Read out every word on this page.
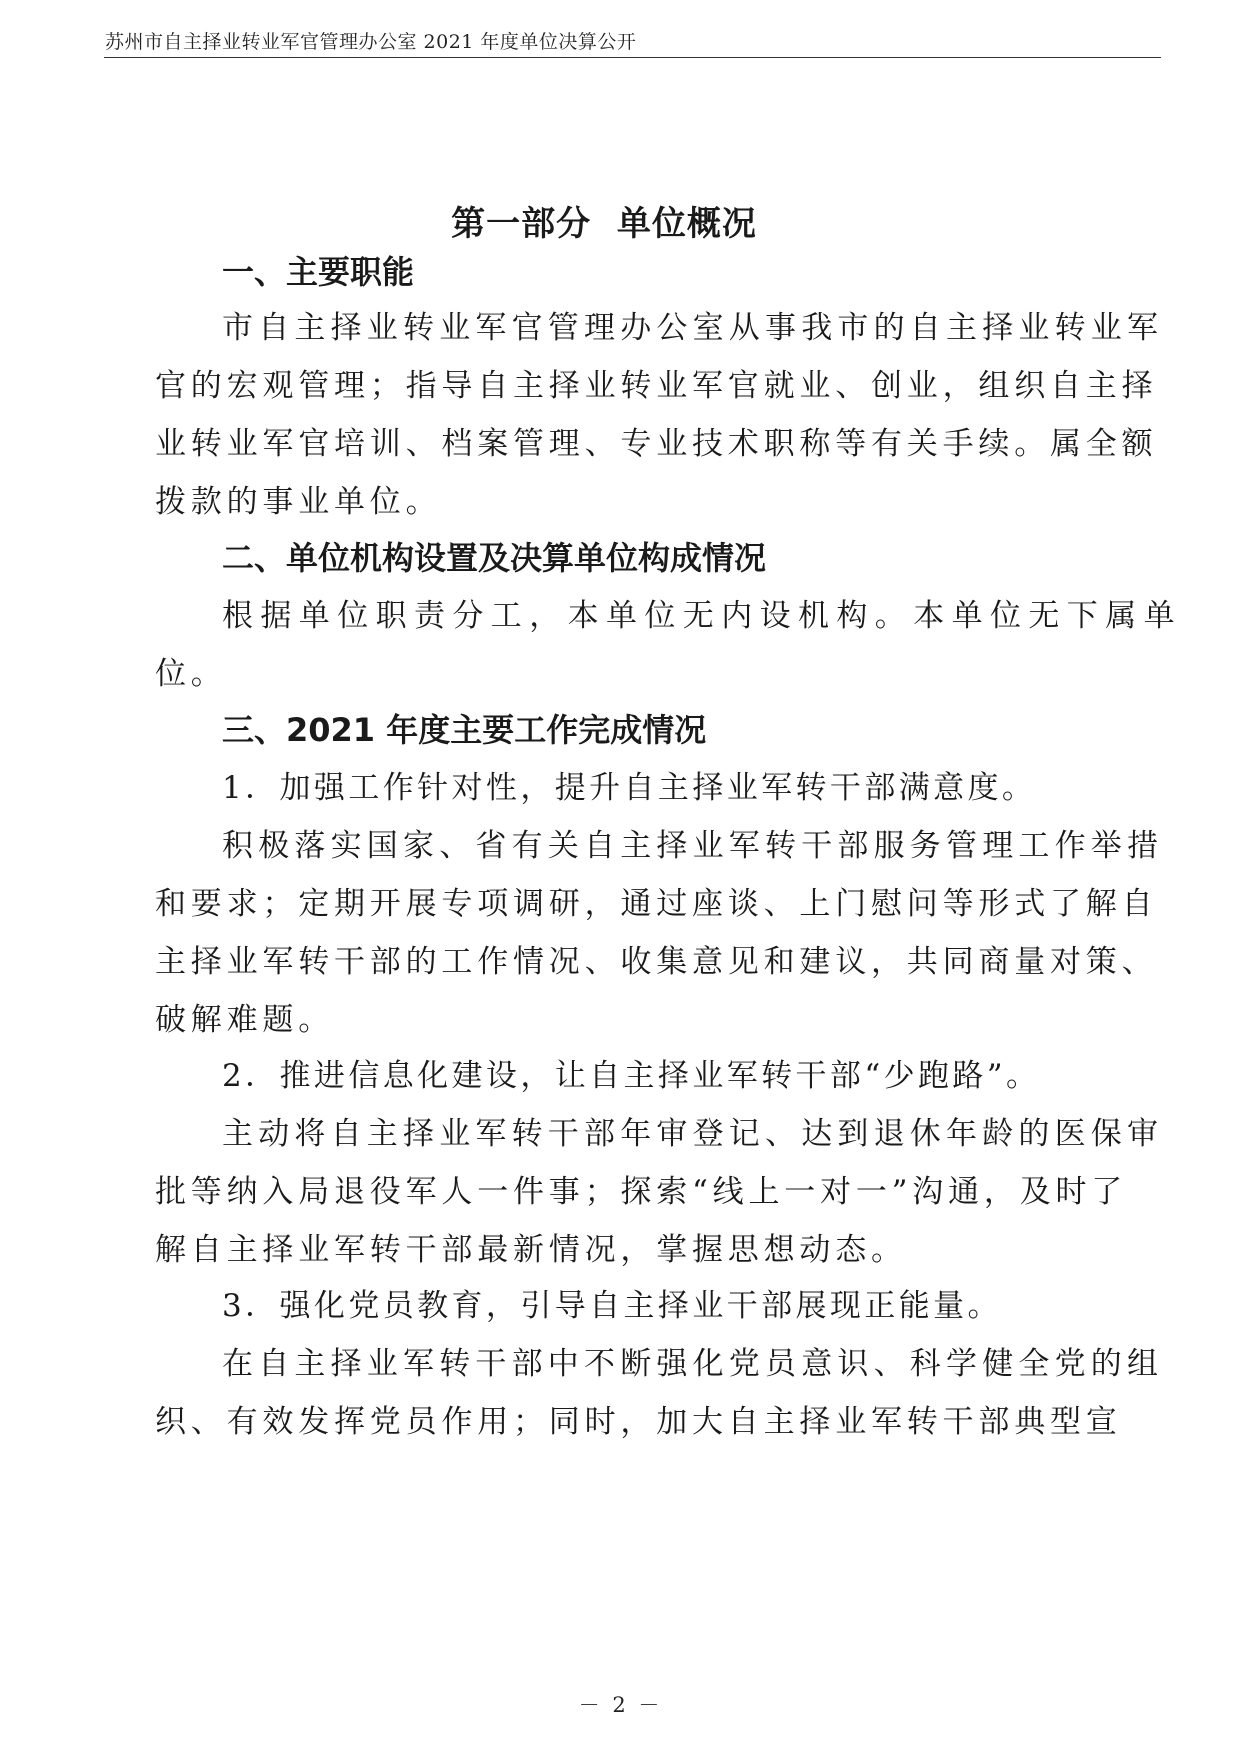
苏州市自主择业转业军官管理办公室 2021 年度单位决算公开
第一部分  单位概况
一、主要职能
市自主择业转业军官管理办公室从事我市的自主择业转业军
官的宏观管理；指导自主择业转业军官就业、创业，组织自主择
业转业军官培训、档案管理、专业技术职称等有关手续。属全额
拨款的事业单位。
二、单位机构设置及决算单位构成情况
根据单位职责分工，本单位无内设机构。本单位无下属单
位。
三、2021 年度主要工作完成情况
1．加强工作针对性，提升自主择业军转干部满意度。
积极落实国家、省有关自主择业军转干部服务管理工作举措
和要求；定期开展专项调研，通过座谈、上门慰问等形式了解自
主择业军转干部的工作情况、收集意见和建议，共同商量对策、
破解难题。
2．推进信息化建设，让自主择业军转干部“少跑路”。
主动将自主择业军转干部年审登记、达到退休年龄的医保审
批等纳入局退役军人一件事；探索“线上一对一”沟通，及时了
解自主择业军转干部最新情况，掌握思想动态。
3．强化党员教育，引导自主择业干部展现正能量。
在自主择业军转干部中不断强化党员意识、科学健全党的组
织、有效发挥党员作用；同时，加大自主择业军转干部典型宣
－ 2 －
